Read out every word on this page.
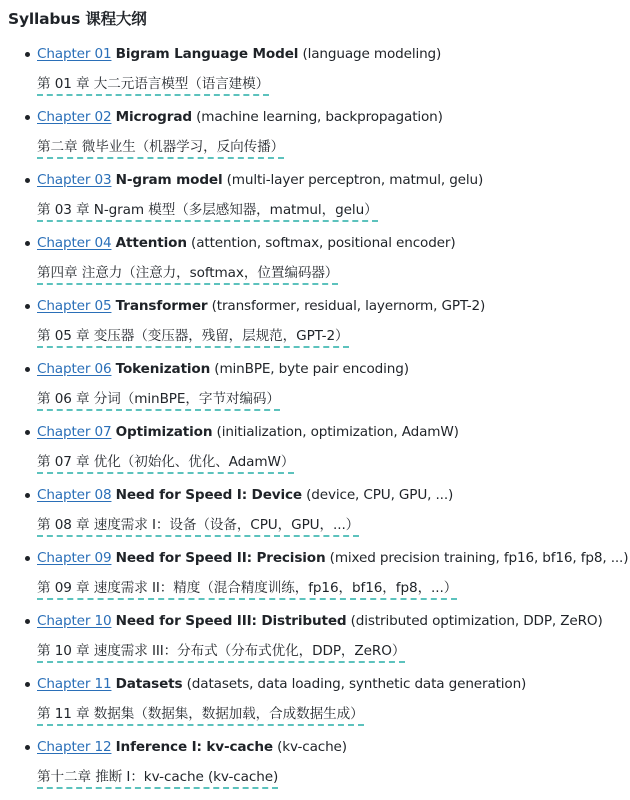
Syllabus 课程大纲
Chapter 01 Bigram Language Model (language modeling)
第 01 章 大二元语言模型（语言建模）
Chapter 02 Micrograd (machine learning, backpropagation)
第二章 微毕业生（机器学习，反向传播）
Chapter 03 N-gram model (multi-layer perceptron, matmul, gelu)
第 03 章 N-gram 模型（多层感知器，matmul，gelu）
Chapter 04 Attention (attention, softmax, positional encoder)
第四章 注意力（注意力，softmax，位置编码器）
Chapter 05 Transformer (transformer, residual, layernorm, GPT-2)
第 05 章 变压器（变压器，残留，层规范，GPT-2）
Chapter 06 Tokenization (minBPE, byte pair encoding)
第 06 章 分词（minBPE，字节对编码）
Chapter 07 Optimization (initialization, optimization, AdamW)
第 07 章 优化（初始化、优化、AdamW）
Chapter 08 Need for Speed I: Device (device, CPU, GPU, ...)
第 08 章 速度需求 I：设备（设备，CPU，GPU，...）
Chapter 09 Need for Speed II: Precision (mixed precision training, fp16, bf16, fp8, ...)
第 09 章 速度需求 II：精度（混合精度训练，fp16，bf16，fp8，...）
Chapter 10 Need for Speed III: Distributed (distributed optimization, DDP, ZeRO)
第 10 章 速度需求 III：分布式（分布式优化，DDP，ZeRO）
Chapter 11 Datasets (datasets, data loading, synthetic data generation)
第 11 章 数据集（数据集，数据加载，合成数据生成）
Chapter 12 Inference I: kv-cache (kv-cache)
第十二章 推断 I：kv-cache (kv-cache)
